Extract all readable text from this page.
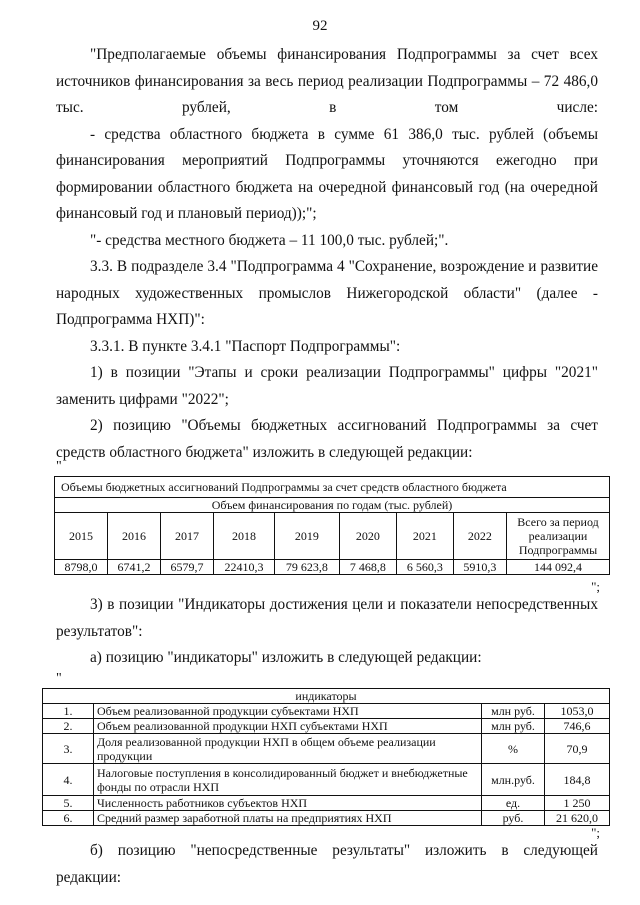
92

"Предполагаемые объемы финансирования Подпрограммы за счет всех источников финансирования за весь период реализации Подпрограммы – 72 486,0 тыс. рублей, в том числе:

- средства областного бюджета в сумме 61 386,0 тыс. рублей (объемы финансирования мероприятий Подпрограммы уточняются ежегодно при формировании областного бюджета на очередной финансовый год (на очередной финансовый год и плановый период));";

"- средства местного бюджета – 11 100,0 тыс. рублей;".

3.3. В подразделе 3.4 "Подпрограмма 4 "Сохранение, возрождение и развитие народных художественных промыслов Нижегородской области" (далее - Подпрограмма НХП)":

3.3.1. В пункте 3.4.1 "Паспорт Подпрограммы":

1) в позиции "Этапы и сроки реализации Подпрограммы" цифры "2021" заменить цифрами "2022";

2) позицию "Объемы бюджетных ассигнований Подпрограммы за счет средств областного бюджета" изложить в следующей редакции:

"
Объемы бюджетных ассигнований Подпрограммы за счет средств областного бюджета								
Объем финансирования по годам (тыс. рублей)								
2015	2016	2017	2018	2019	2020	2021	2022	Всего за период реализации Подпрограммы
8798,0	6741,2	6579,7	22410,3	79 623,8	7 468,8	6 560,3	5910,3	144 092,4
";

3) в позиции "Индикаторы достижения цели и показатели непосредственных результатов":

а) позицию "индикаторы" изложить в следующей редакции:

"
индикаторы			
1.	Объем реализованной продукции субъектами НХП	млн руб.	1053,0
2.	Объем реализованной продукции НХП субъектами НХП	млн руб.	746,6
3.	Доля реализованной продукции НХП в общем объеме реализации продукции	%	70,9
4.	Налоговые поступления в консолидированный бюджет и внебюджетные фонды по отрасли НХП	млн.руб.	184,8
5.	Численность работников субъектов НХП	ед.	1 250
6.	Средний размер заработной платы на предприятиях НХП	руб.	21 620,0
";

б) позицию "непосредственные результаты" изложить в следующей редакции:
